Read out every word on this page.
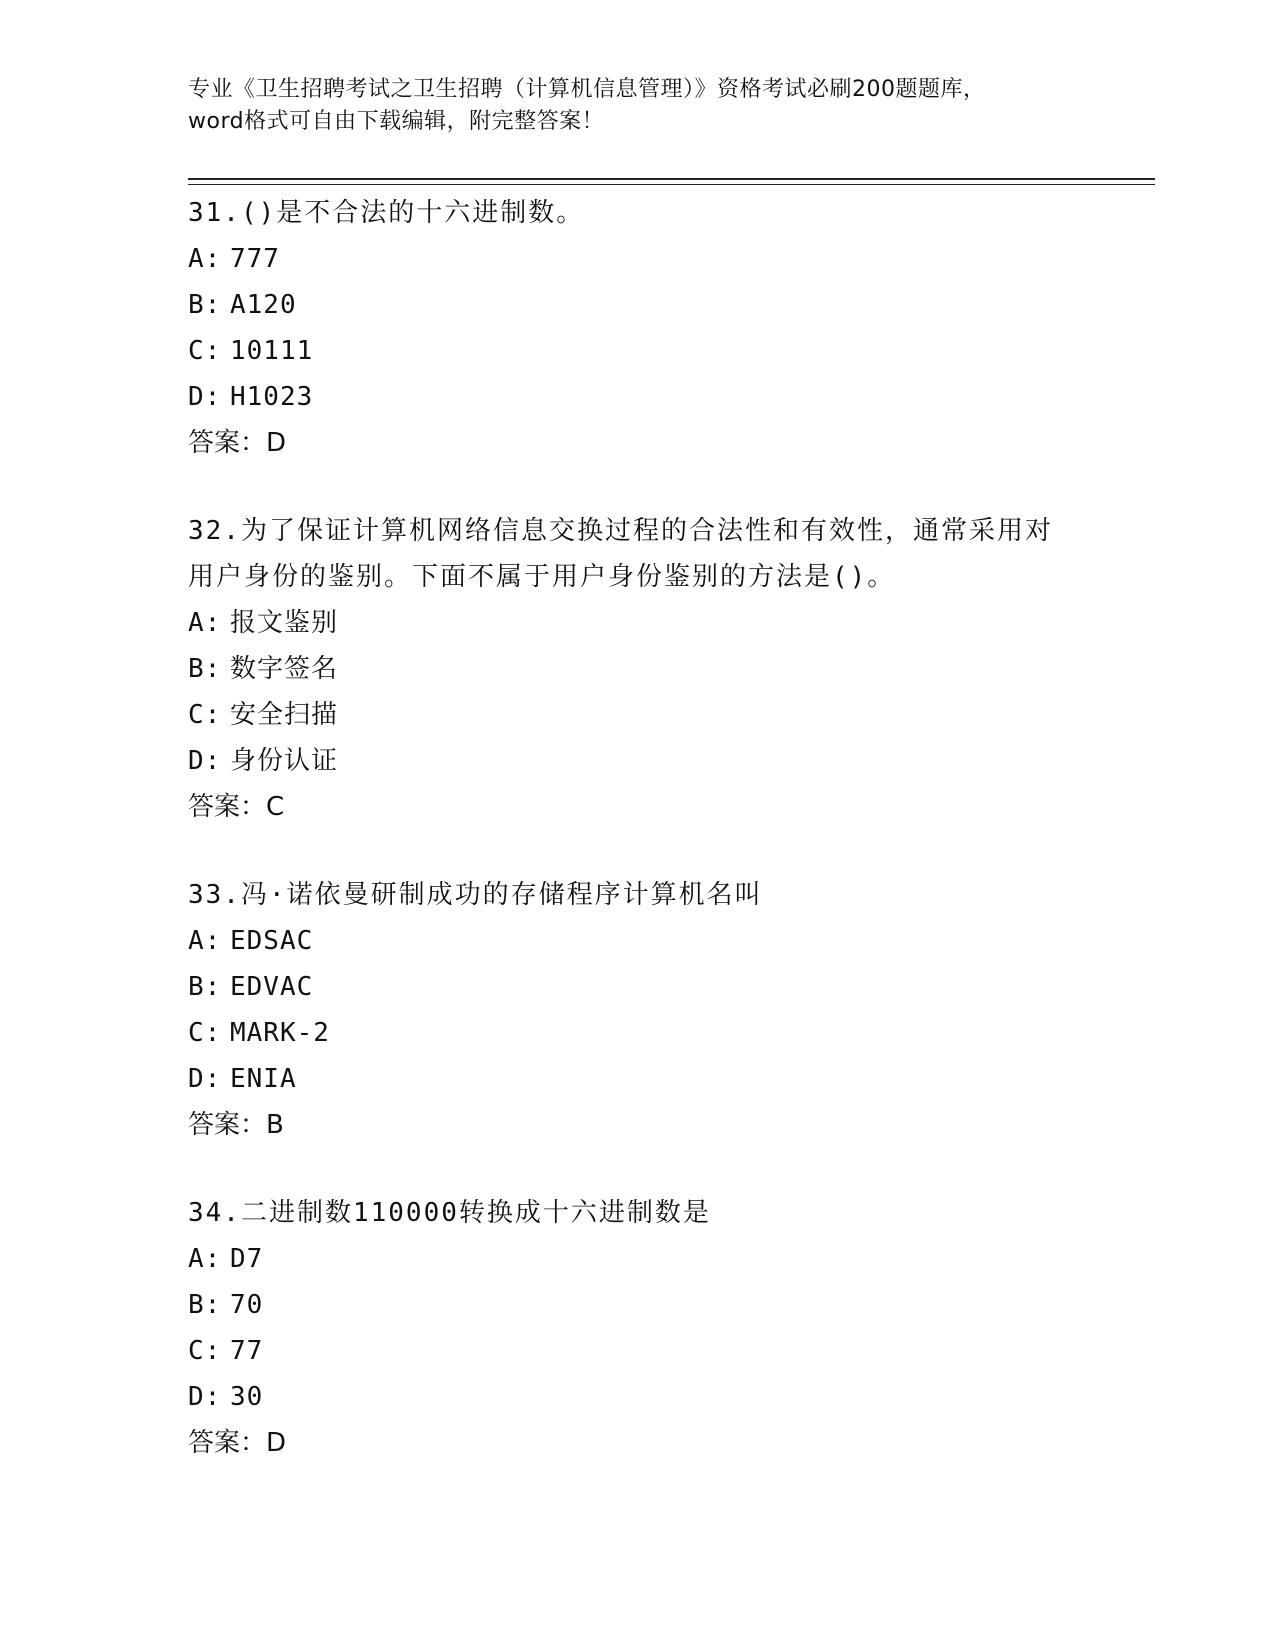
专业《卫生招聘考试之卫生招聘（计算机信息管理）》资格考试必刷200题题库，
word格式可自由下载编辑，附完整答案！
31.()是不合法的十六进制数。
A: 777
B: A120
C: 10111
D: H1023
答案：D
32.为了保证计算机网络信息交换过程的合法性和有效性，通常采用对
用户身份的鉴别。下面不属于用户身份鉴别的方法是()。
A: 报文鉴别
B: 数字签名
C: 安全扫描
D: 身份认证
答案：C
33.冯·诺依曼研制成功的存储程序计算机名叫
A: EDSAC
B: EDVAC
C: MARK-2
D: ENIA
答案：B
34.二进制数110000转换成十六进制数是
A: D7
B: 70
C: 77
D: 30
答案：D
